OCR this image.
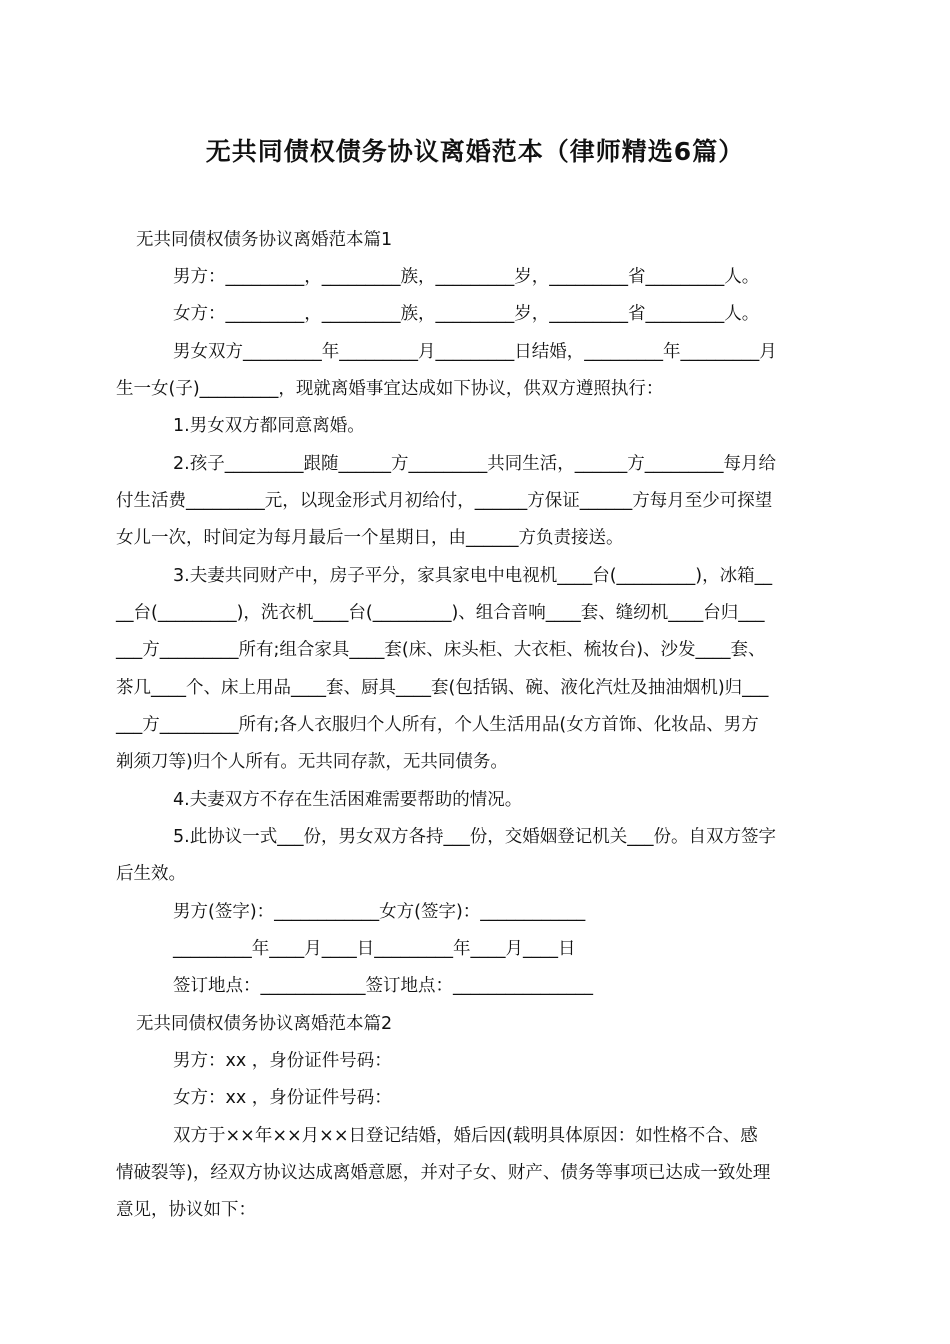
无共同债权债务协议离婚范本（律师精选6篇）
无共同债权债务协议离婚范本篇1
男方：_________，_________族，_________岁，_________省_________人。
女方：_________，_________族，_________岁，_________省_________人。
男女双方_________年_________月_________日结婚，_________年_________月
生一女(子)_________，现就离婚事宜达成如下协议，供双方遵照执行：
1.男女双方都同意离婚。
2.孩子_________跟随______方_________共同生活，______方_________每月给
付生活费_________元，以现金形式月初给付，______方保证______方每月至少可探望
女儿一次，时间定为每月最后一个星期日，由______方负责接送。
3.夫妻共同财产中，房子平分，家具家电中电视机____台(_________)，冰箱__
__台(_________)，洗衣机____台(_________)、组合音响____套、缝纫机____台归___
___方_________所有;组合家具____套(床、床头柜、大衣柜、梳妆台)、沙发____套、
茶几____个、床上用品____套、厨具____套(包括锅、碗、液化汽灶及抽油烟机)归___
___方_________所有;各人衣服归个人所有，个人生活用品(女方首饰、化妆品、男方
剃须刀等)归个人所有。无共同存款，无共同债务。
4.夫妻双方不存在生活困难需要帮助的情况。
5.此协议一式___份，男女双方各持___份，交婚姻登记机关___份。自双方签字
后生效。
男方(签字)：____________女方(签字)：____________
_________年____月____日_________年____月____日
签订地点：____________签订地点：________________
无共同债权债务协议离婚范本篇2
男方：xx ，身份证件号码：
女方：xx ，身份证件号码：
双方于××年××月××日登记结婚，婚后因(载明具体原因：如性格不合、感
情破裂等)，经双方协议达成离婚意愿，并对子女、财产、债务等事项已达成一致处理
意见，协议如下：
